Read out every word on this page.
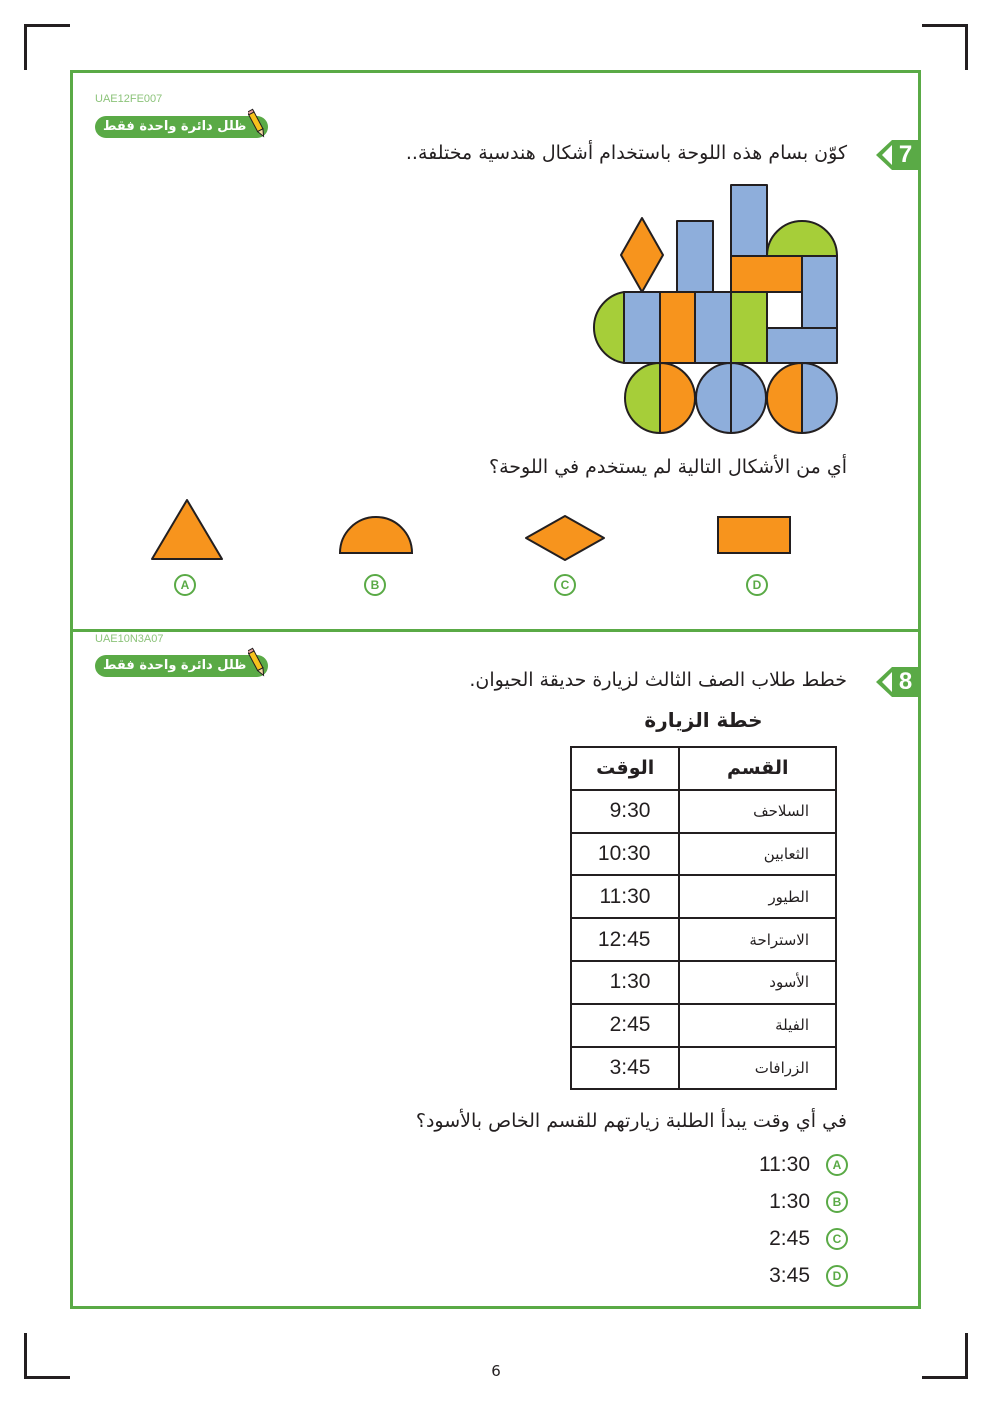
UAE12FE007
ظلل دائرة واحدة فقط
7
كوّن بسام هذه اللوحة باستخدام أشكال هندسية مختلفة..
أي من الأشكال التالية لم يستخدم في اللوحة؟
A	B	C	D
UAE10N3A07
ظلل دائرة واحدة فقط
8
خطط طلاب الصف الثالث لزيارة حديقة الحيوان.
خطة الزيارة
الوقت	القسم
9:30	السلاحف
10:30	الثعابين
11:30	الطيور
12:45	الاستراحة
1:30	الأسود
2:45	الفيلة
3:45	الزرافات
في أي وقت يبدأ الطلبة زيارتهم للقسم الخاص بالأسود؟
11:30	A
1:30	B
2:45	C
3:45	D
6
